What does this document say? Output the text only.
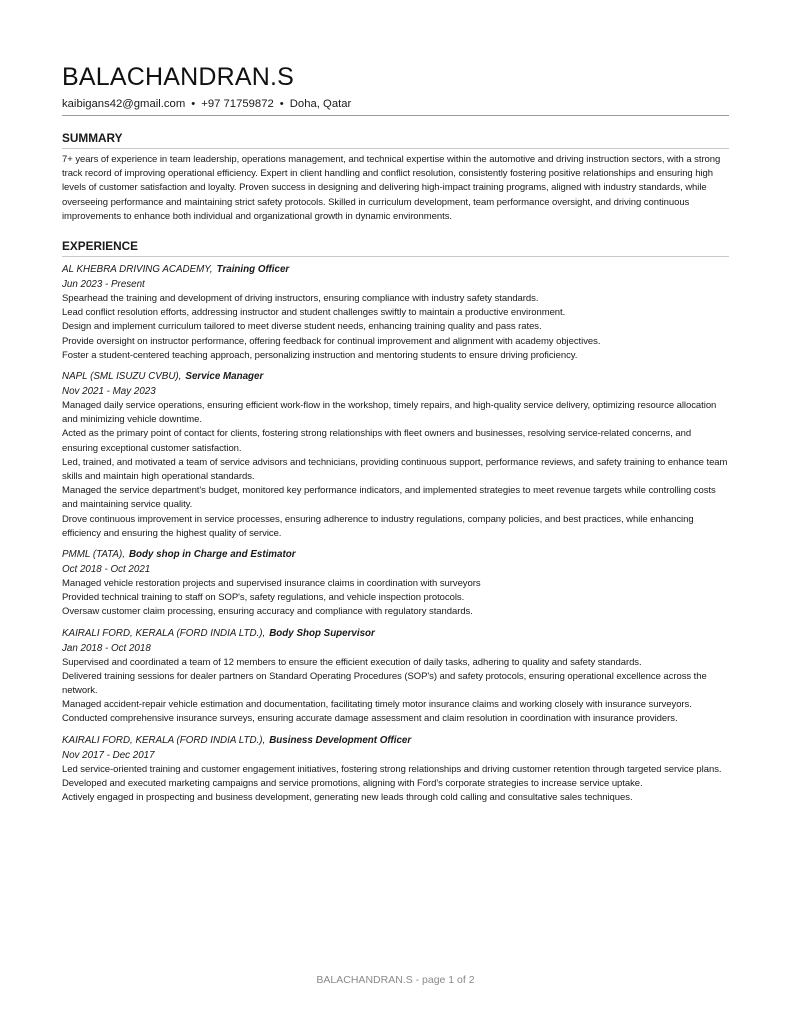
BALACHANDRAN.S
kaibigans42@gmail.com • +97 71759872 • Doha, Qatar
SUMMARY
7+ years of experience in team leadership, operations management, and technical expertise within the automotive and driving instruction sectors, with a strong track record of improving operational efficiency. Expert in client handling and conflict resolution, consistently fostering positive relationships and ensuring high levels of customer satisfaction and loyalty. Proven success in designing and delivering high-impact training programs, aligned with industry standards, while overseeing performance and maintaining strict safety protocols. Skilled in curriculum development, team performance oversight, and driving continuous improvements to enhance both individual and organizational growth in dynamic environments.
EXPERIENCE
AL KHEBRA DRIVING ACADEMY, Training Officer
Jun 2023 - Present
Spearhead the training and development of driving instructors, ensuring compliance with industry safety standards.
Lead conflict resolution efforts, addressing instructor and student challenges swiftly to maintain a productive environment.
Design and implement curriculum tailored to meet diverse student needs, enhancing training quality and pass rates.
Provide oversight on instructor performance, offering feedback for continual improvement and alignment with academy objectives.
Foster a student-centered teaching approach, personalizing instruction and mentoring students to ensure driving proficiency.
NAPL (SML ISUZU CVBU), Service Manager
Nov 2021 - May 2023
Managed daily service operations, ensuring efficient work-flow in the workshop, timely repairs, and high-quality service delivery, optimizing resource allocation and minimizing vehicle downtime.
Acted as the primary point of contact for clients, fostering strong relationships with fleet owners and businesses, resolving service-related concerns, and ensuring exceptional customer satisfaction.
Led, trained, and motivated a team of service advisors and technicians, providing continuous support, performance reviews, and safety training to enhance team skills and maintain high operational standards.
Managed the service department's budget, monitored key performance indicators, and implemented strategies to meet revenue targets while controlling costs and maintaining service quality.
Drove continuous improvement in service processes, ensuring adherence to industry regulations, company policies, and best practices, while enhancing efficiency and ensuring the highest quality of service.
PMML (TATA), Body shop in Charge and Estimator
Oct 2018 - Oct 2021
Managed vehicle restoration projects and supervised insurance claims in coordination with surveyors
Provided technical training to staff on SOP's, safety regulations, and vehicle inspection protocols.
Oversaw customer claim processing, ensuring accuracy and compliance with regulatory standards.
KAIRALI FORD, KERALA (FORD INDIA LTD.), Body Shop Supervisor
Jan 2018 - Oct 2018
Supervised and coordinated a team of 12 members to ensure the efficient execution of daily tasks, adhering to quality and safety standards.
Delivered training sessions for dealer partners on Standard Operating Procedures (SOP's) and safety protocols, ensuring operational excellence across the network.
Managed accident-repair vehicle estimation and documentation, facilitating timely motor insurance claims and working closely with insurance surveyors.
Conducted comprehensive insurance surveys, ensuring accurate damage assessment and claim resolution in coordination with insurance providers.
KAIRALI FORD, KERALA (FORD INDIA LTD.), Business Development Officer
Nov 2017 - Dec 2017
Led service-oriented training and customer engagement initiatives, fostering strong relationships and driving customer retention through targeted service plans.
Developed and executed marketing campaigns and service promotions, aligning with Ford's corporate strategies to increase service uptake.
Actively engaged in prospecting and business development, generating new leads through cold calling and consultative sales techniques.
BALACHANDRAN.S - page 1 of 2
